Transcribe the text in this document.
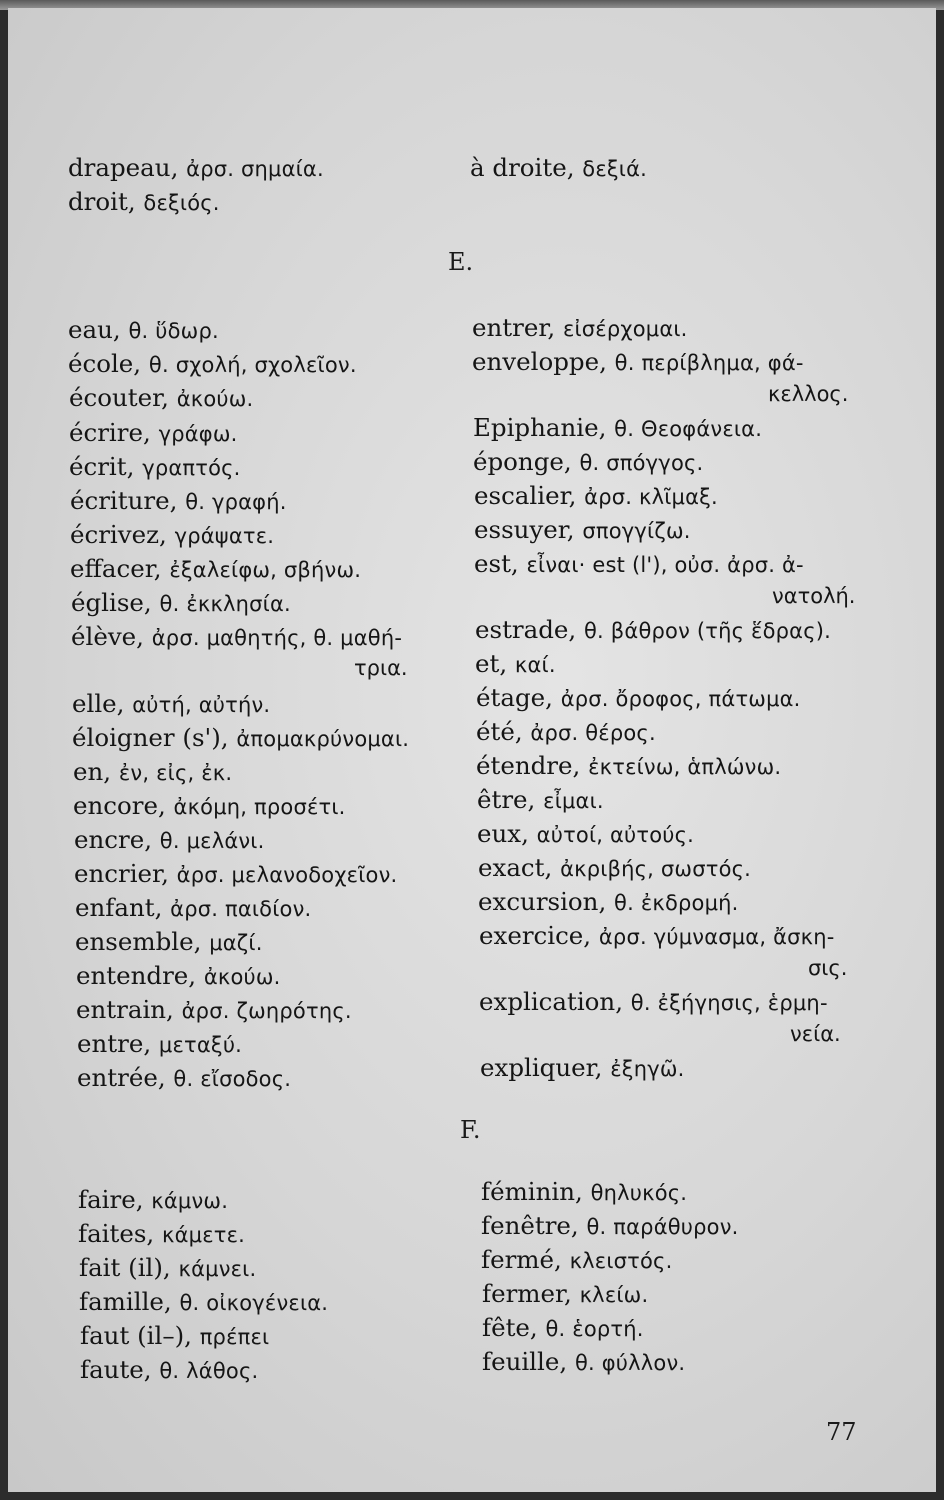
drapeau, ἀρσ. σημαία.
droit, δεξιός.
eau, θ. ὕδωρ.
école, θ. σχολή, σχολεῖον.
écouter, ἀκούω.
écrire, γράφω.
écrit, γραπτός.
écriture, θ. γραφή.
écrivez, γράψατε.
effacer, ἐξαλείφω, σβήνω.
église, θ. ἐκκλησία.
élève, ἀρσ. μαθητής, θ. μαθή-
τρια.
elle, αὐτή, αὐτήν.
éloigner (s'), ἀπομακρύνομαι.
en, ἐν, εἰς, ἐκ.
encore, ἀκόμη, προσέτι.
encre, θ. μελάνι.
encrier, ἀρσ. μελανοδοχεῖον.
enfant, ἀρσ. παιδίον.
ensemble, μαζί.
entendre, ἀκούω.
entrain, ἀρσ. ζωηρότης.
entre, μεταξύ.
entrée, θ. εἴσοδος.
faire, κάμνω.
faites, κάμετε.
fait (il), κάμνει.
famille, θ. οἰκογένεια.
faut (il–), πρέπει
faute, θ. λάθος.
à droite, δεξιά.
E.
entrer, εἰσέρχομαι.
enveloppe, θ. περίβλημα, φά-
κελλος.
Epiphanie, θ. Θεοφάνεια.
éponge, θ. σπόγγος.
escalier, ἀρσ. κλῖμαξ.
essuyer, σπογγίζω.
est, εἶναι· est (l'), οὐσ. ἀρσ. ἀ-
νατολή.
estrade, θ. βάθρον (τῆς ἕδρας).
et, καί.
étage, ἀρσ. ὄροφος, πάτωμα.
été, ἀρσ. θέρος.
étendre, ἐκτείνω, ἁπλώνω.
être, εἶμαι.
eux, αὐτοί, αὐτούς.
exact, ἀκριβής, σωστός.
excursion, θ. ἐκδρομή.
exercice, ἀρσ. γύμνασμα, ἄσκη-
σις.
explication, θ. ἐξήγησις, ἑρμη-
νεία.
expliquer, ἐξηγῶ.
F.
féminin, θηλυκός.
fenêtre, θ. παράθυρον.
fermé, κλειστός.
fermer, κλείω.
fête, θ. ἑορτή.
feuille, θ. φύλλον.
77
